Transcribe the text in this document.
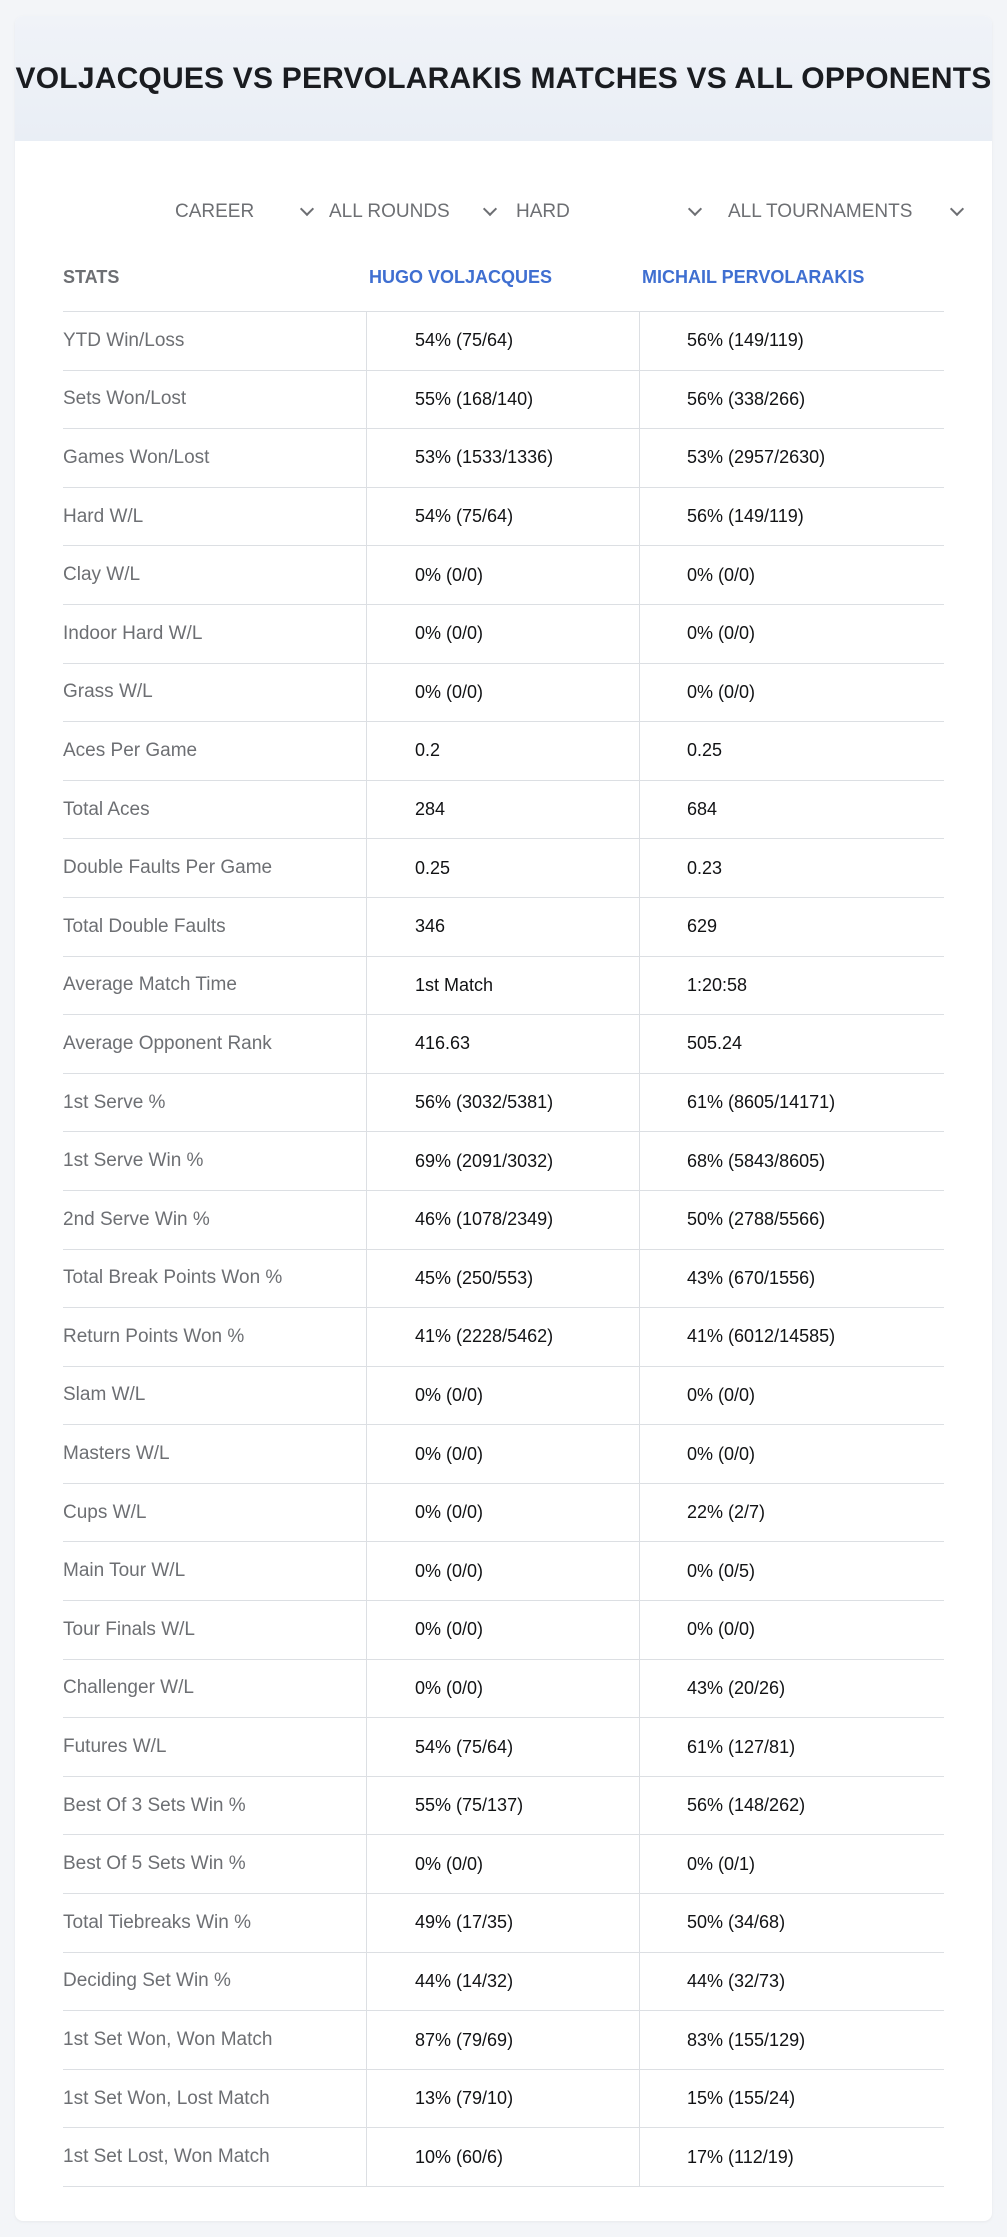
VOLJACQUES VS PERVOLARAKIS MATCHES VS ALL OPPONENTS
CAREER	ALL ROUNDS	HARD	ALL TOURNAMENTS
STATS	HUGO VOLJACQUES	MICHAIL PERVOLARAKIS
YTD Win/Loss	54% (75/64)	56% (149/119)
Sets Won/Lost	55% (168/140)	56% (338/266)
Games Won/Lost	53% (1533/1336)	53% (2957/2630)
Hard W/L	54% (75/64)	56% (149/119)
Clay W/L	0% (0/0)	0% (0/0)
Indoor Hard W/L	0% (0/0)	0% (0/0)
Grass W/L	0% (0/0)	0% (0/0)
Aces Per Game	0.2	0.25
Total Aces	284	684
Double Faults Per Game	0.25	0.23
Total Double Faults	346	629
Average Match Time	1st Match	1:20:58
Average Opponent Rank	416.63	505.24
1st Serve %	56% (3032/5381)	61% (8605/14171)
1st Serve Win %	69% (2091/3032)	68% (5843/8605)
2nd Serve Win %	46% (1078/2349)	50% (2788/5566)
Total Break Points Won %	45% (250/553)	43% (670/1556)
Return Points Won %	41% (2228/5462)	41% (6012/14585)
Slam W/L	0% (0/0)	0% (0/0)
Masters W/L	0% (0/0)	0% (0/0)
Cups W/L	0% (0/0)	22% (2/7)
Main Tour W/L	0% (0/0)	0% (0/5)
Tour Finals W/L	0% (0/0)	0% (0/0)
Challenger W/L	0% (0/0)	43% (20/26)
Futures W/L	54% (75/64)	61% (127/81)
Best Of 3 Sets Win %	55% (75/137)	56% (148/262)
Best Of 5 Sets Win %	0% (0/0)	0% (0/1)
Total Tiebreaks Win %	49% (17/35)	50% (34/68)
Deciding Set Win %	44% (14/32)	44% (32/73)
1st Set Won, Won Match	87% (79/69)	83% (155/129)
1st Set Won, Lost Match	13% (79/10)	15% (155/24)
1st Set Lost, Won Match	10% (60/6)	17% (112/19)
